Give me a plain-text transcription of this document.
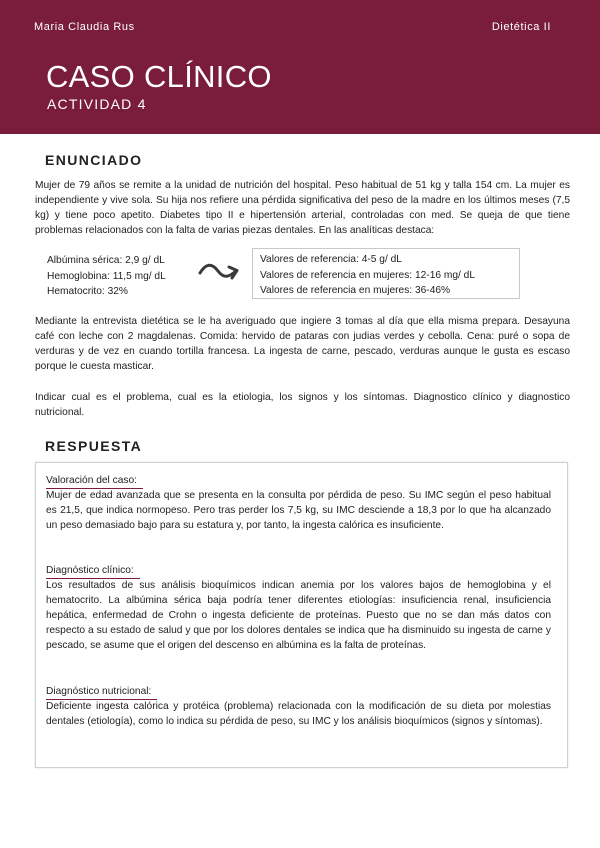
Maria Claudia Rus	Dietética II
CASO CLÍNICO
ACTIVIDAD 4
ENUNCIADO

Mujer de 79 años se remite a la unidad de nutrición del hospital. Peso habitual de 51 kg y talla 154 cm. La mujer es independiente y vive sola. Su hija nos refiere una pérdida significativa del peso de la madre en los últimos meses (7,5 kg) y tiene poco apetito. Diabetes tipo II e hipertensión arterial, controladas con med. Se queja de que tiene problemas relacionados con la falta de varias piezas dentales. En las analíticas destaca:

Albúmina sérica: 2,9 g/ dL
Hemoglobina: 11,5 mg/ dL
Hematocrito: 32%
Valores de referencia: 4-5 g/ dL
Valores de referencia en mujeres: 12-16 mg/ dL
Valores de referencia en mujeres: 36-46%

Mediante la entrevista dietética se le ha averiguado que ingiere 3 tomas al día que ella misma prepara. Desayuna café con leche con 2 magdalenas. Comida: hervido de pataras con judias verdes y cebolla. Cena: puré o sopa de verduras y de vez en cuando tortilla francesa. La ingesta de carne, pescado, verduras aunque le gusta es escaso porque le cuesta masticar.

Indicar cual es el problema, cual es la etiologia, los signos y los síntomas. Diagnostico clínico y diagnostico nutricional.

RESPUESTA
Valoración del caso:

Mujer de edad avanzada que se presenta en la consulta por pérdida de peso. Su IMC según el peso habitual es 21,5, que indica normopeso. Pero tras perder los 7,5 kg, su IMC desciende a 18,3 por lo que ha alcanzado un peso demasiado bajo para su estatura y, por tanto, la ingesta calórica es insuficiente.

Diagnóstico clínico:

Los resultados de sus análisis bioquímicos indican anemia por los valores bajos de hemoglobina y el hematocrito. La albúmina sérica baja podría tener diferentes etiologías: insuficiencia renal, insuficiencia hepática, enfermedad de Crohn o ingesta deficiente de proteínas. Puesto que no se dan más datos con respecto a su estado de salud y que por los dolores dentales se indica que ha disminuido su ingesta de carne y pescado, se asume que el origen del descenso en albúmina es la falta de proteínas.

Diagnóstico nutricional:

Deficiente ingesta calórica y protéica (problema) relacionada con la modificación de su dieta por molestias dentales (etiología), como lo indica su pérdida de peso, su IMC y los análisis bioquímicos (signos y síntomas).
